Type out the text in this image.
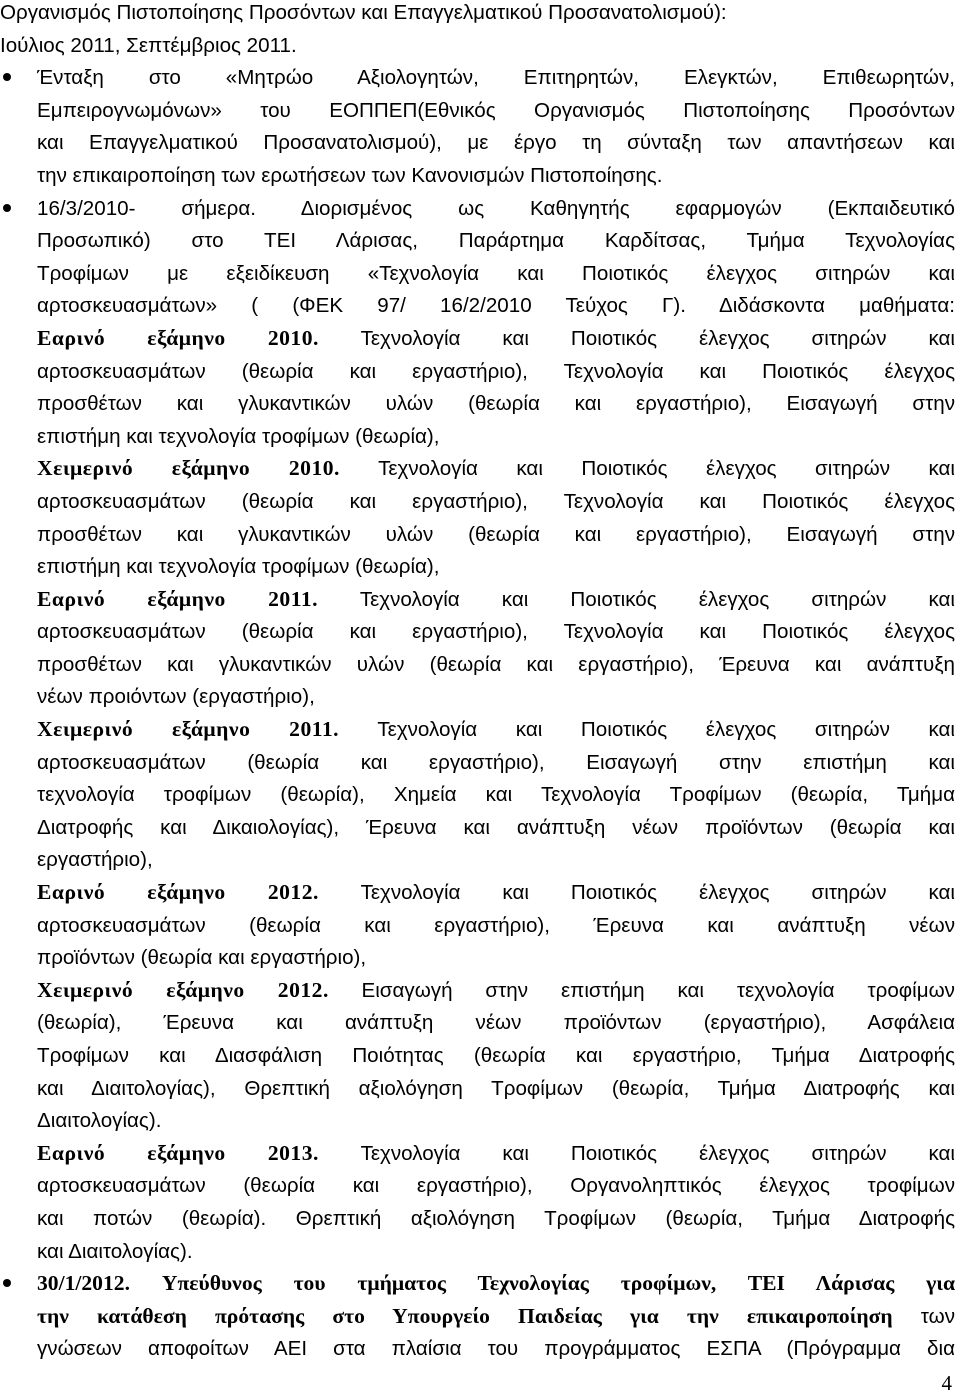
Οργανισμός Πιστοποίησης Προσόντων και Επαγγελματικού Προσανατολισμού):
Ιούλιος 2011, Σεπτέμβριος 2011.
Ένταξη στο «Μητρώο Αξιολογητών, Επιτηρητών, Ελεγκτών, Επιθεωρητών,
Εμπειρογνωμόνων» του ΕΟΠΠΕΠ(Εθνικός Οργανισμός Πιστοποίησης Προσόντων
και Επαγγελματικού Προσανατολισμού), με έργο τη σύνταξη των απαντήσεων και
την επικαιροποίηση των ερωτήσεων των Κανονισμών Πιστοποίησης.
16/3/2010- σήμερα. Διορισμένος ως Καθηγητής εφαρμογών (Εκπαιδευτικό
Προσωπικό) στο ΤΕΙ Λάρισας, Παράρτημα Καρδίτσας, Τμήμα Τεχνολογίας
Τροφίμων με εξειδίκευση «Τεχνολογία και Ποιοτικός έλεγχος σιτηρών και
αρτοσκευασμάτων» ( (ΦΕΚ 97/ 16/2/2010 Τεύχος Γ). Διδάσκοντα μαθήματα:
Εαρινό εξάμηνο 2010. Τεχνολογία και Ποιοτικός έλεγχος σιτηρών και
αρτοσκευασμάτων (θεωρία και εργαστήριο), Τεχνολογία και Ποιοτικός έλεγχος
προσθέτων και γλυκαντικών υλών (θεωρία και εργαστήριο), Εισαγωγή στην
επιστήμη και τεχνολογία τροφίμων (θεωρία),
Χειμερινό εξάμηνο 2010. Τεχνολογία και Ποιοτικός έλεγχος σιτηρών και
αρτοσκευασμάτων (θεωρία και εργαστήριο), Τεχνολογία και Ποιοτικός έλεγχος
προσθέτων και γλυκαντικών υλών (θεωρία και εργαστήριο), Εισαγωγή στην
επιστήμη και τεχνολογία τροφίμων (θεωρία),
Εαρινό εξάμηνο 2011. Τεχνολογία και Ποιοτικός έλεγχος σιτηρών και
αρτοσκευασμάτων (θεωρία και εργαστήριο), Τεχνολογία και Ποιοτικός έλεγχος
προσθέτων και γλυκαντικών υλών (θεωρία και εργαστήριο), Έρευνα και ανάπτυξη
νέων προιόντων (εργαστήριο),
Χειμερινό εξάμηνο 2011. Τεχνολογία και Ποιοτικός έλεγχος σιτηρών και
αρτοσκευασμάτων (θεωρία και εργαστήριο), Εισαγωγή στην επιστήμη και
τεχνολογία τροφίμων (θεωρία), Χημεία και Τεχνολογία Τροφίμων (θεωρία, Τμήμα
Διατροφής και Δικαιολογίας), Έρευνα και ανάπτυξη νέων προϊόντων (θεωρία και
εργαστήριο),
Εαρινό εξάμηνο 2012. Τεχνολογία και Ποιοτικός έλεγχος σιτηρών και
αρτοσκευασμάτων (θεωρία και εργαστήριο), Έρευνα και ανάπτυξη νέων
προϊόντων (θεωρία και εργαστήριο),
Χειμερινό εξάμηνο 2012. Εισαγωγή στην επιστήμη και τεχνολογία τροφίμων
(θεωρία), Έρευνα και ανάπτυξη νέων προϊόντων (εργαστήριο), Ασφάλεια
Τροφίμων και Διασφάλιση Ποιότητας (θεωρία και εργαστήριο, Τμήμα Διατροφής
και Διαιτολογίας), Θρεπτική αξιολόγηση Τροφίμων (θεωρία, Τμήμα Διατροφής και
Διαιτολογίας).
Εαρινό εξάμηνο 2013. Τεχνολογία και Ποιοτικός έλεγχος σιτηρών και
αρτοσκευασμάτων (θεωρία και εργαστήριο), Οργανοληπτικός έλεγχος τροφίμων
και ποτών (θεωρία). Θρεπτική αξιολόγηση Τροφίμων (θεωρία, Τμήμα Διατροφής
και Διαιτολογίας).
30/1/2012. Υπεύθυνος του τμήματος Τεχνολογίας τροφίμων, ΤΕΙ Λάρισας για
την κατάθεση πρότασης στο Υπουργείο Παιδείας για την επικαιροποίηση των
γνώσεων αποφοίτων ΑΕΙ στα πλαίσια του προγράμματος ΕΣΠΑ (Πρόγραμμα δια
4
